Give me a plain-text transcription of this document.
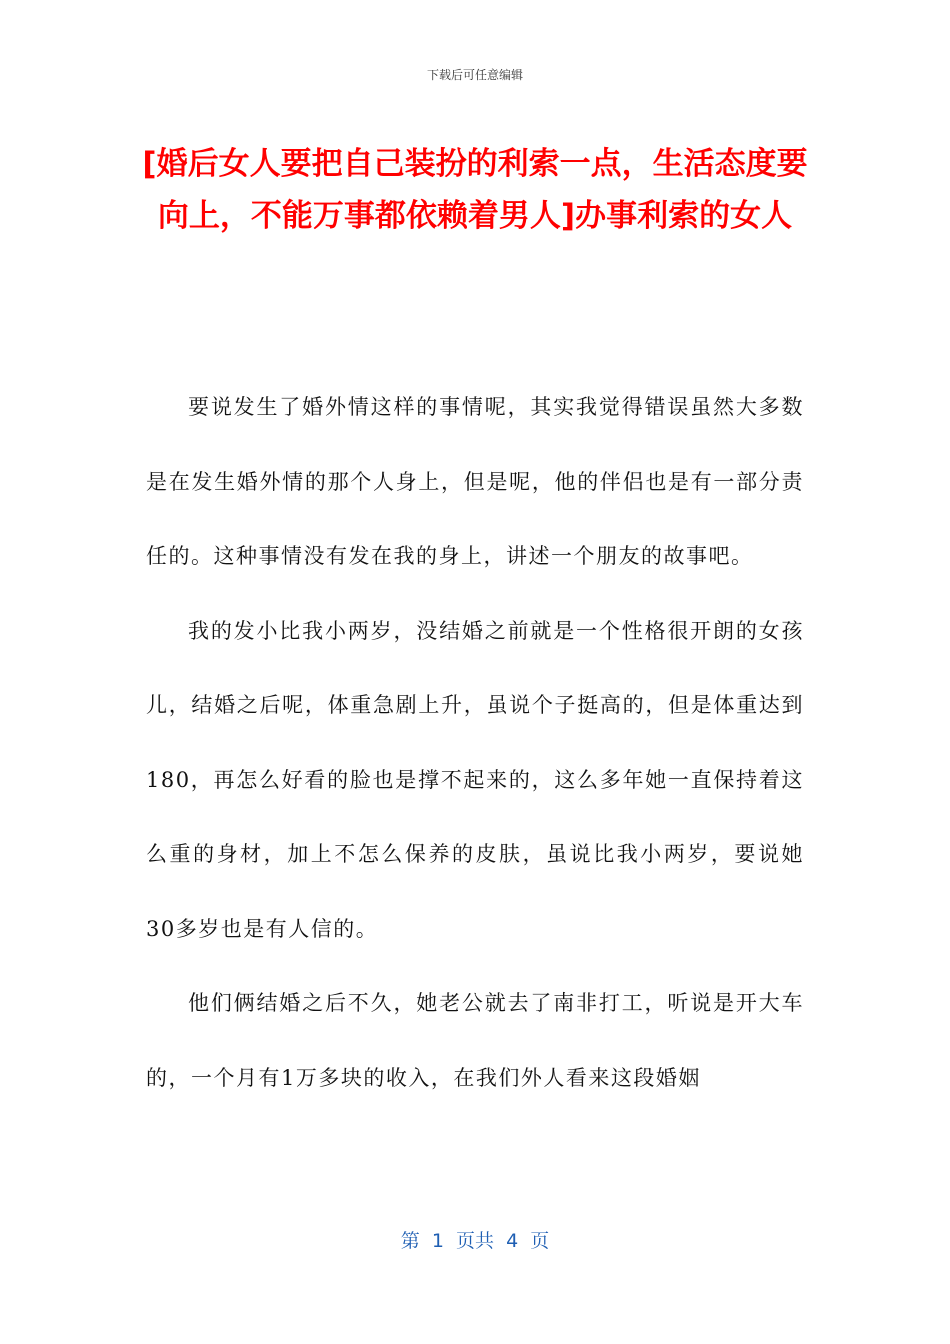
下载后可任意编辑
[婚后女人要把自己装扮的利索一点，生活态度要向上，不能万事都依赖着男人]办事利索的女人

要说发生了婚外情这样的事情呢，其实我觉得错误虽然大多数是在发生婚外情的那个人身上，但是呢，他的伴侣也是有一部分责任的。这种事情没有发在我的身上，讲述一个朋友的故事吧。

我的发小比我小两岁，没结婚之前就是一个性格很开朗的女孩儿，结婚之后呢，体重急剧上升，虽说个子挺高的，但是体重达到180，再怎么好看的脸也是撑不起来的，这么多年她一直保持着这么重的身材，加上不怎么保养的皮肤，虽说比我小两岁，要说她30多岁也是有人信的。

他们俩结婚之后不久，她老公就去了南非打工，听说是开大车的，一个月有1万多块的收入，在我们外人看来这段婚姻

第  1  页共  4  页
